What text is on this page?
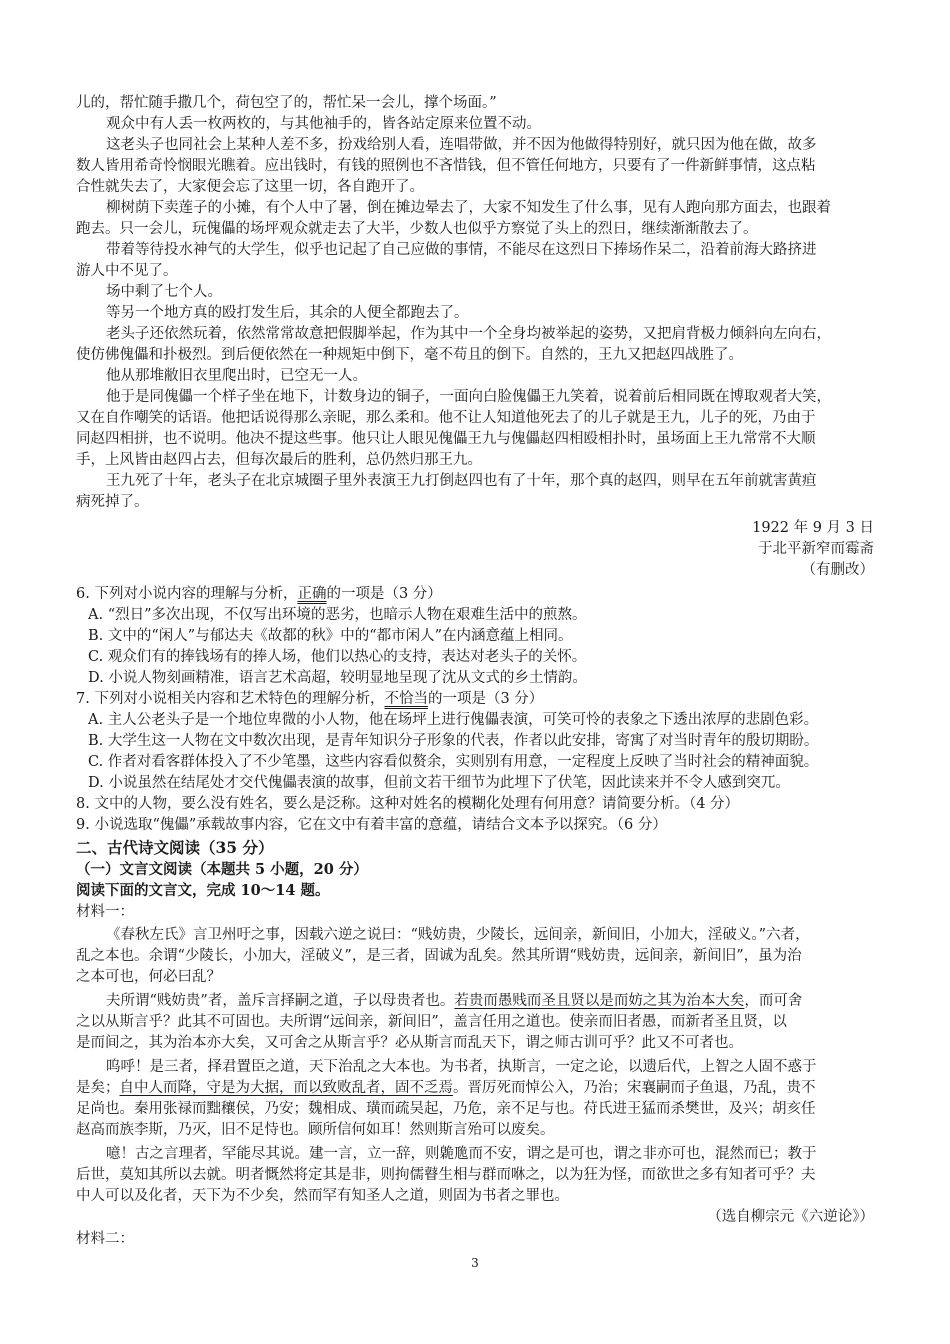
儿的，帮忙随手撒几个，荷包空了的，帮忙呆一会儿，撑个场面。”
观众中有人丢一枚两枚的，与其他袖手的，皆各站定原来位置不动。
这老头子也同社会上某种人差不多，扮戏给别人看，连唱带做，并不因为他做得特别好，就只因为他在做，故多
数人皆用希奇怜悯眼光瞧着。应出钱时，有钱的照例也不吝惜钱，但不管任何地方，只要有了一件新鲜事情，这点粘
合性就失去了，大家便会忘了这里一切，各自跑开了。
柳树荫下卖莲子的小摊，有个人中了暑，倒在摊边晕去了，大家不知发生了什么事，见有人跑向那方面去，也跟着
跑去。只一会儿，玩傀儡的场坪观众就走去了大半，少数人也似乎方察觉了头上的烈日，继续渐渐散去了。
带着等待投水神气的大学生，似乎也记起了自己应做的事情，不能尽在这烈日下捧场作呆二，沿着前海大路挤进
游人中不见了。
场中剩了七个人。
等另一个地方真的殴打发生后，其余的人便全都跑去了。
老头子还依然玩着，依然常常故意把假脚举起，作为其中一个全身均被举起的姿势，又把肩背极力倾斜向左向右，
使仿佛傀儡和扑极烈。到后便依然在一种规矩中倒下，毫不苟且的倒下。自然的，王九又把赵四战胜了。
他从那堆敝旧衣里爬出时，已空无一人。
他于是同傀儡一个样子坐在地下，计数身边的铜子，一面向白脸傀儡王九笑着，说着前后相同既在博取观者大笑，
又在自作嘲笑的话语。他把话说得那么亲昵，那么柔和。他不让人知道他死去了的儿子就是王九，儿子的死，乃由于
同赵四相拼，也不说明。他决不提这些事。他只让人眼见傀儡王九与傀儡赵四相殴相扑时，虽场面上王九常常不大顺
手，上风皆由赵四占去，但每次最后的胜利，总仍然归那王九。
王九死了十年，老头子在北京城圈子里外表演王九打倒赵四也有了十年，那个真的赵四，则早在五年前就害黄疸
病死掉了。
1922 年 9 月 3 日
于北平新窄而霉斋
（有删改）
6. 下列对小说内容的理解与分析，正确的一项是（3 分）
A. “烈日”多次出现，不仅写出环境的恶劣，也暗示人物在艰难生活中的煎熬。
B. 文中的“闲人”与郁达夫《故都的秋》中的“都市闲人”在内涵意蕴上相同。
C. 观众们有的捧钱场有的捧人场，他们以热心的支持，表达对老头子的关怀。
D. 小说人物刻画精准，语言艺术高超，较明显地呈现了沈从文式的乡土情韵。
7. 下列对小说相关内容和艺术特色的理解分析，不恰当的一项是（3 分）
A. 主人公老头子是一个地位卑微的小人物，他在场坪上进行傀儡表演，可笑可怜的表象之下透出浓厚的悲剧色彩。
B. 大学生这一人物在文中数次出现，是青年知识分子形象的代表，作者以此安排，寄寓了对当时青年的殷切期盼。
C. 作者对看客群体投入了不少笔墨，这些内容看似赘余，实则别有用意，一定程度上反映了当时社会的精神面貌。
D. 小说虽然在结尾处才交代傀儡表演的故事，但前文若干细节为此埋下了伏笔，因此读来并不令人感到突兀。
8. 文中的人物，要么没有姓名，要么是泛称。这种对姓名的模糊化处理有何用意？请简要分析。（4 分）
9. 小说选取“傀儡”承载故事内容，它在文中有着丰富的意蕴，请结合文本予以探究。（6 分）
二、古代诗文阅读（35 分）
（一）文言文阅读（本题共 5 小题，20 分）
阅读下面的文言文，完成 10～14 题。
材料一：
《春秋左氏》言卫州吁之事，因载六逆之说曰：“贱妨贵，少陵长，远间亲，新间旧，小加大，淫破义。”六者，
乱之本也。余谓“少陵长，小加大，淫破义”，是三者，固诚为乱矣。然其所谓“贱妨贵，远间亲，新间旧”，虽为治
之本可也，何必曰乱？
夫所谓“贱妨贵”者，盖斥言择嗣之道，子以母贵者也。若贵而愚贱而圣且贤以是而妨之其为治本大矣，而可舍
之以从斯言乎？此其不可固也。夫所谓“远间亲，新间旧”，盖言任用之道也。使亲而旧者愚，而新者圣且贤，以
是而间之，其为治本亦大矣，又可舍之从斯言乎？必从斯言而乱天下，谓之师古训可乎？此又不可者也。
呜呼！是三者，择君置臣之道，天下治乱之大本也。为书者，执斯言，一定之论，以遗后代，上智之人固不惑于
是矣；自中人而降，守是为大据，而以致败乱者，固不乏焉。晋厉死而悼公入，乃治；宋襄嗣而子鱼退，乃乱，贵不
足尚也。秦用张禄而黜穰侯，乃安；魏相成、璜而疏吴起，乃危，亲不足与也。苻氏进王猛而杀樊世，及兴；胡亥任
赵高而族李斯，乃灭，旧不足恃也。顾所信何如耳！然则斯言殆可以废矣。
噫！古之言理者，罕能尽其说。建一言，立一辞，则臲卼而不安，谓之是可也，谓之非亦可也，混然而已；教于
后世，莫知其所以去就。明者慨然将定其是非，则拘儒瞽生相与群而咻之，以为狂为怪，而欲世之多有知者可乎？夫
中人可以及化者，天下为不少矣，然而罕有知圣人之道，则固为书者之罪也。
（选自柳宗元《六逆论》）
材料二：
3
